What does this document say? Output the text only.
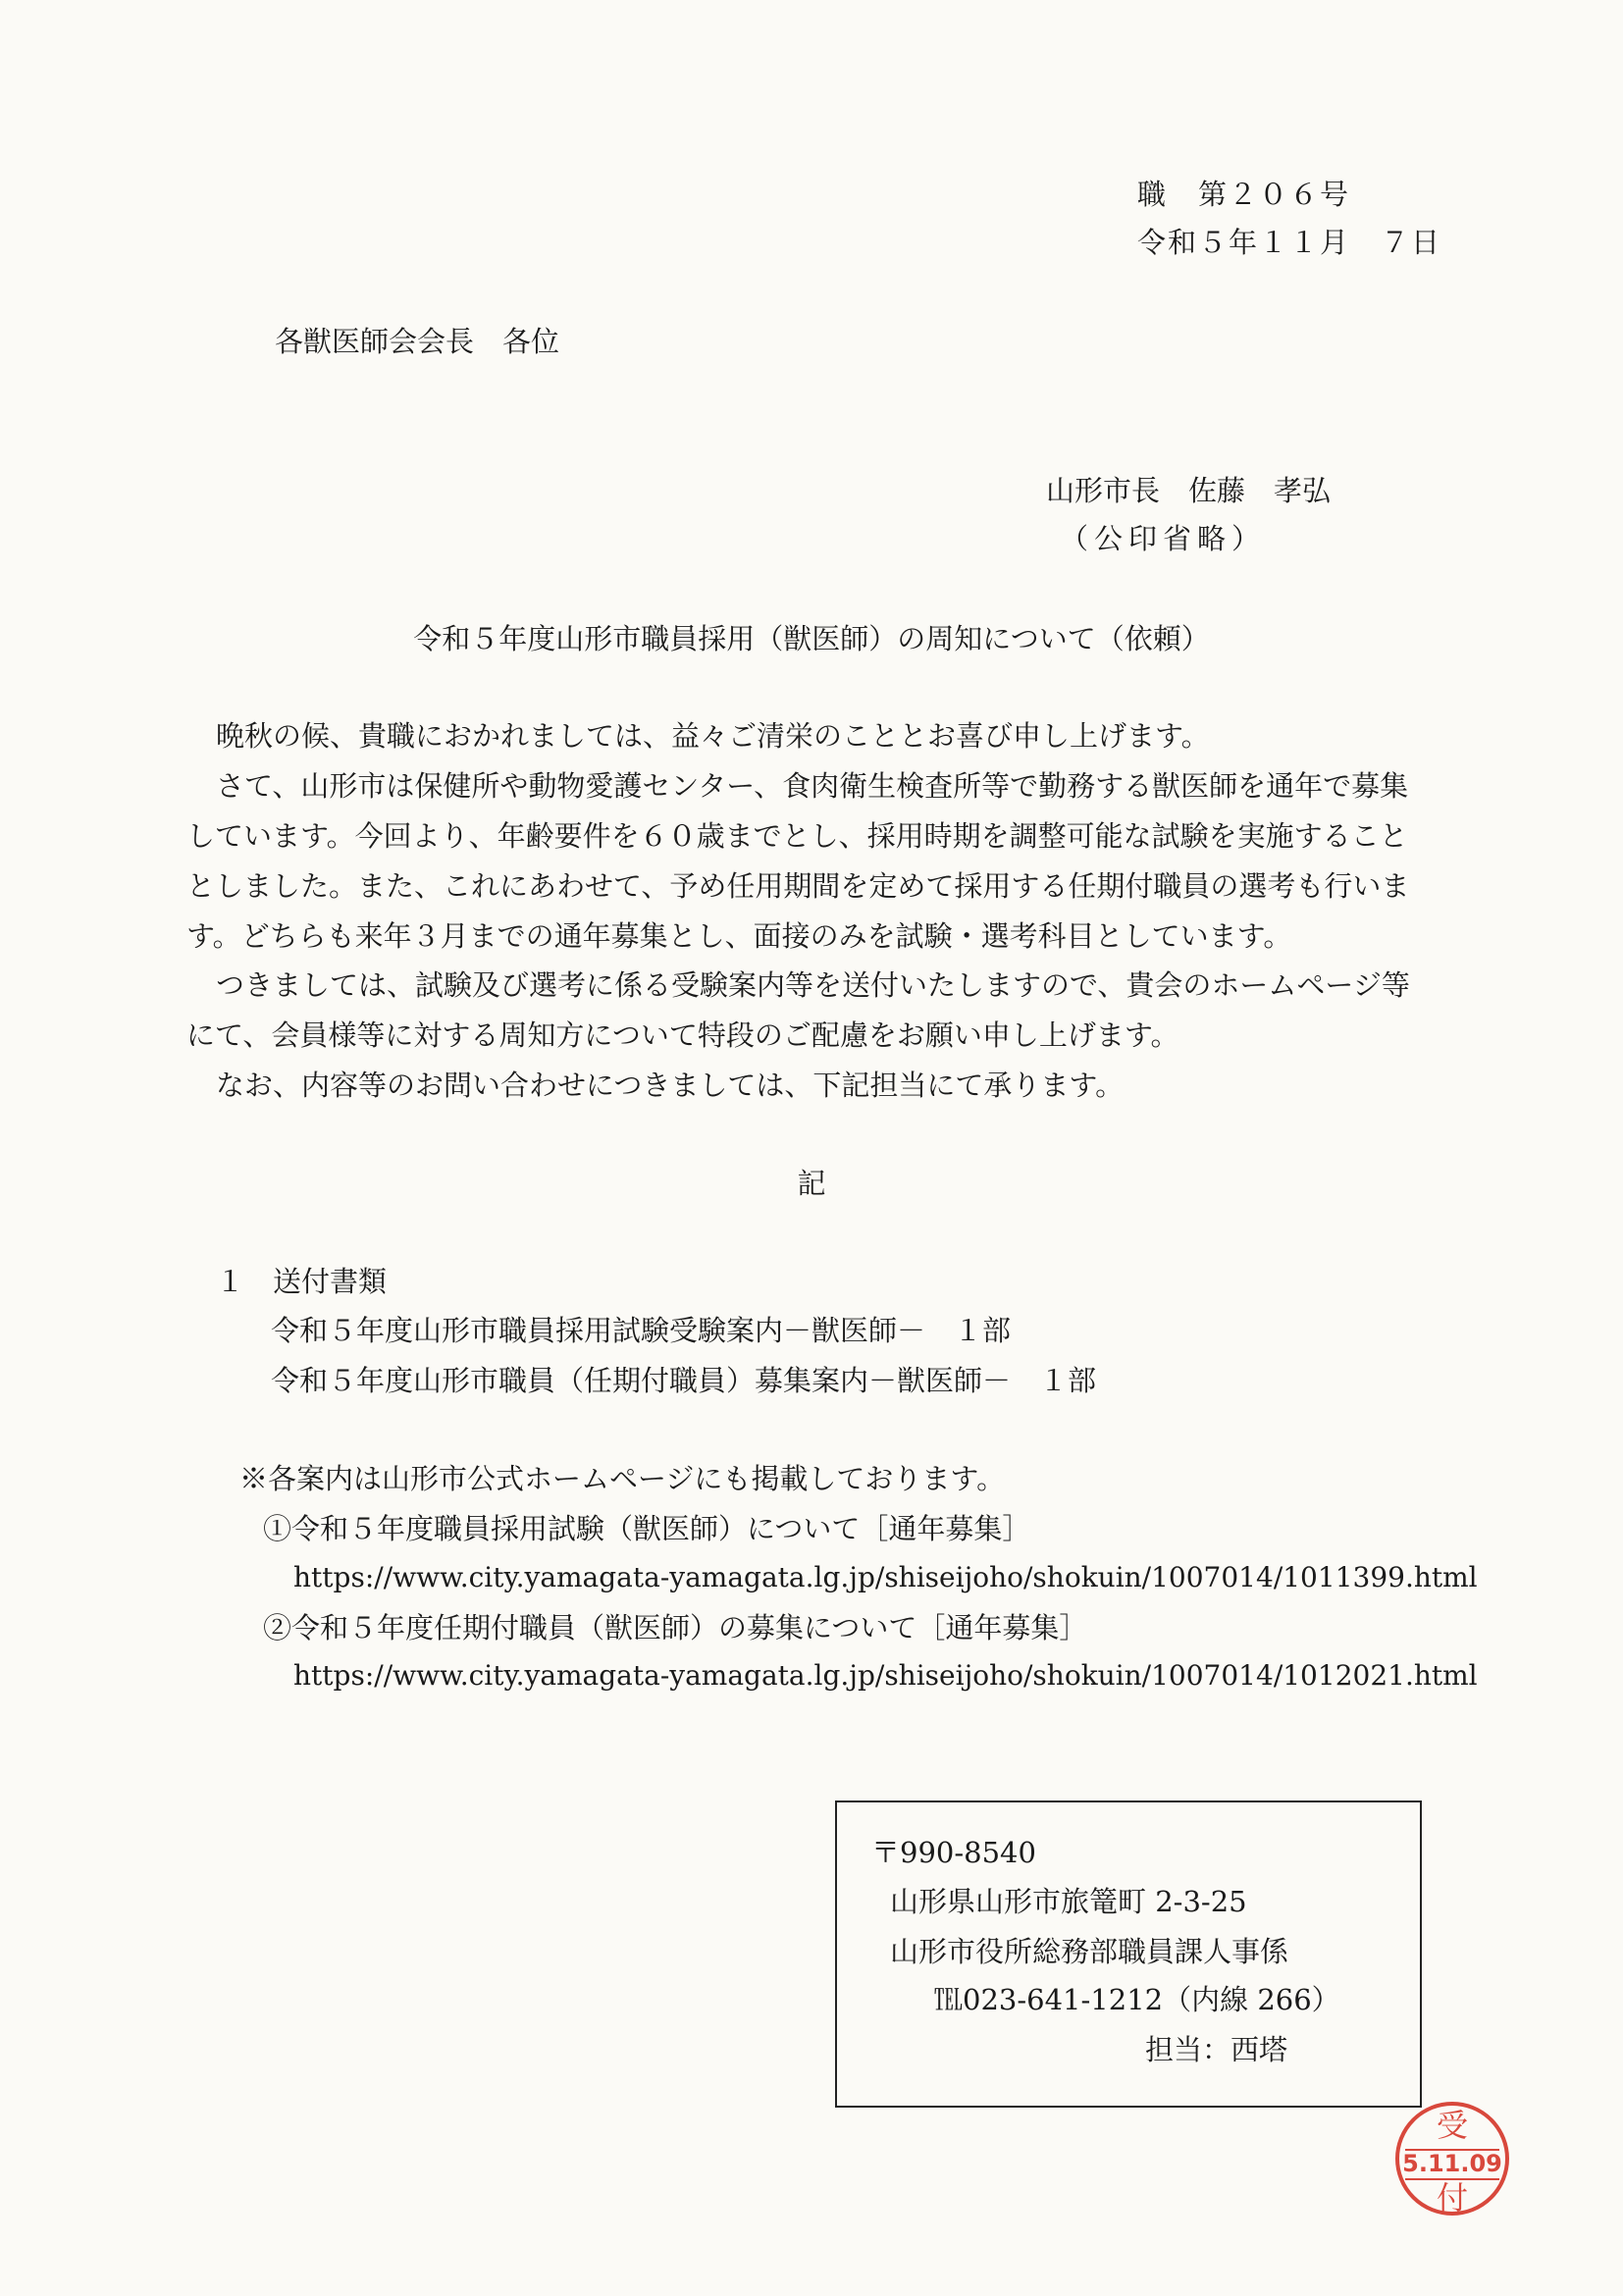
職　第２０６号
令和５年１１月　７日
各獣医師会会長　各位
山形市長　佐藤　孝弘
（公印省略）
令和５年度山形市職員採用（獣医師）の周知について（依頼）
晩秋の候、貴職におかれましては、益々ご清栄のこととお喜び申し上げます。
さて、山形市は保健所や動物愛護センター、食肉衛生検査所等で勤務する獣医師を通年で募集
しています。今回より、年齢要件を６０歳までとし、採用時期を調整可能な試験を実施すること
としました。また、これにあわせて、予め任用期間を定めて採用する任期付職員の選考も行いま
す。どちらも来年３月までの通年募集とし、面接のみを試験・選考科目としています。
つきましては、試験及び選考に係る受験案内等を送付いたしますので、貴会のホームページ等
にて、会員様等に対する周知方について特段のご配慮をお願い申し上げます。
なお、内容等のお問い合わせにつきましては、下記担当にて承ります。
記
１　送付書類
令和５年度山形市職員採用試験受験案内－獣医師－　１部
令和５年度山形市職員（任期付職員）募集案内－獣医師－　１部
※各案内は山形市公式ホームページにも掲載しております。
①令和５年度職員採用試験（獣医師）について［通年募集］
https://www.city.yamagata-yamagata.lg.jp/shiseijoho/shokuin/1007014/1011399.html
②令和５年度任期付職員（獣医師）の募集について［通年募集］
https://www.city.yamagata-yamagata.lg.jp/shiseijoho/shokuin/1007014/1012021.html
〒990-8540
山形県山形市旅篭町 2-3-25
山形市役所総務部職員課人事係
℡023-641-1212（内線 266）
担当：西塔
受
5.11.09
付
